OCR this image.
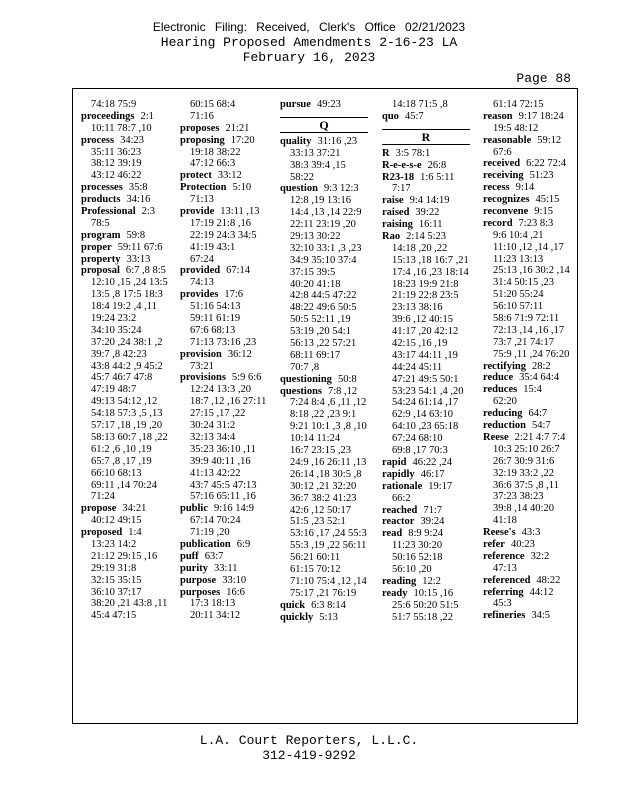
Electronic Filing: Received, Clerk's Office 02/21/2023
Hearing Proposed Amendments 2-16-23 LA
February 16, 2023
Page 88
74:18 75:9
proceedings 2:1
10:11 78:7 ,10
process 34:23
35:11 36:23
38:12 39:19
43:12 46:22
processes 35:8
products 34:16
Professional 2:3
78:5
program 59:8
proper 59:11 67:6
property 33:13
proposal 6:7 ,8 8:5
12:10 ,15 ,24 13:5
13:5 ,8 17:5 18:3
18:4 19:2 ,4 ,11
19:24 23:2
34:10 35:24
37:20 ,24 38:1 ,2
39:7 ,8 42:23
43:8 44:2 ,9 45:2
45:7 46:7 47:8
47:19 48:7
49:13 54:12 ,12
54:18 57:3 ,5 ,13
57:17 ,18 ,19 ,20
58:13 60:7 ,18 ,22
61:2 ,6 ,10 ,19
65:7 ,8 ,17 ,19
66:10 68:13
69:11 ,14 70:24
71:24
propose 34:21
40:12 49:15
proposed 1:4
13:23 14:2
21:12 29:15 ,16
29:19 31:8
32:15 35:15
36:10 37:17
38:20 ,21 43:8 ,11
45:4 47:15
60:15 68:4
71:16
proposes 21:21
proposing 17:20
19:18 38:22
47:12 66:3
protect 33:12
Protection 5:10
71:13
provide 13:11 ,13
17:19 21:8 ,16
22:19 24:3 34:5
41:19 43:1
67:24
provided 67:14
74:13
provides 17:6
51:16 54:13
59:11 61:19
67:6 68:13
71:13 73:16 ,23
provision 36:12
73:21
provisions 5:9 6:6
12:24 13:3 ,20
18:7 ,12 ,16 27:11
27:15 ,17 ,22
30:24 31:2
32:13 34:4
35:23 36:10 ,11
39:9 40:11 ,16
41:13 42:22
43:7 45:5 47:13
57:16 65:11 ,16
public 9:16 14:9
67:14 70:24
71:19 ,20
publication 6:9
puff 63:7
purity 33:11
purpose 33:10
purposes 16:6
17:3 18:13
20:11 34:12
pursue 49:23
Q
quality 31:16 ,23
33:13 37:21
38:3 39:4 ,15
58:22
question 9:3 12:3
12:8 ,19 13:16
14:4 ,13 ,14 22:9
22:11 23:19 ,20
29:13 30:22
32:10 33:1 ,3 ,23
34:9 35:10 37:4
37:15 39:5
40:20 41:18
42:8 44:5 47:22
48:22 49:6 50:5
50:5 52:11 ,19
53:19 ,20 54:1
56:13 ,22 57:21
68:11 69:17
70:7 ,8
questioning 50:8
questions 7:8 ,12
7:24 8:4 ,6 ,11 ,12
8:18 ,22 ,23 9:1
9:21 10:1 ,3 ,8 ,10
10:14 11:24
16:7 23:15 ,23
24:9 ,16 26:11 ,13
26:14 ,18 30:5 ,8
30:12 ,21 32:20
36:7 38:2 41:23
42:6 ,12 50:17
51:5 ,23 52:1
53:16 ,17 ,24 55:3
55:3 ,19 ,22 56:11
56:21 60:11
61:15 70:12
71:10 75:4 ,12 ,14
75:17 ,21 76:19
quick 6:3 8:14
quickly 5:13
14:18 71:5 ,8
quo 45:7
R
R 3:5 78:1
R-e-e-s-e 26:8
R23-18 1:6 5:11
7:17
raise 9:4 14:19
raised 39:22
raising 16:11
Rao 2:14 5:23
14:18 ,20 ,22
15:13 ,18 16:7 ,21
17:4 ,16 ,23 18:14
18:23 19:9 21:8
21:19 22:8 23:5
23:13 38:16
39:6 ,12 40:15
41:17 ,20 42:12
42:15 ,16 ,19
43:17 44:11 ,19
44:24 45:11
47:21 49:5 50:1
53:23 54:1 ,4 ,20
54:24 61:14 ,17
62:9 ,14 63:10
64:10 ,23 65:18
67:24 68:10
69:8 ,17 70:3
rapid 46:22 ,24
rapidly 46:17
rationale 19:17
66:2
reached 71:7
reactor 39:24
read 8:9 9:24
11:23 30:20
50:16 52:18
56:10 ,20
reading 12:2
ready 10:15 ,16
25:6 50:20 51:5
51:7 55:18 ,22
61:14 72:15
reason 9:17 18:24
19:5 48:12
reasonable 59:12
67:6
received 6:22 72:4
receiving 51:23
recess 9:14
recognizes 45:15
reconvene 9:15
record 7:23 8:3
9:6 10:4 ,21
11:10 ,12 ,14 ,17
11:23 13:13
25:13 ,16 30:2 ,14
31:4 50:15 ,23
51:20 55:24
56:10 57:11
58:6 71:9 72:11
72:13 ,14 ,16 ,17
73:7 ,21 74:17
75:9 ,11 ,24 76:20
rectifying 28:2
reduce 35:4 64:4
reduces 15:4
62:20
reducing 64:7
reduction 54:7
Reese 2:21 4:7 7:4
10:3 25:10 26:7
26:7 30:9 31:6
32:19 33:2 ,22
36:6 37:5 ,8 ,11
37:23 38:23
39:8 ,14 40:20
41:18
Reese's 43:3
refer 40:23
reference 32:2
47:13
referenced 48:22
referring 44:12
45:3
refineries 34:5
L.A. Court Reporters, L.L.C.
312-419-9292
